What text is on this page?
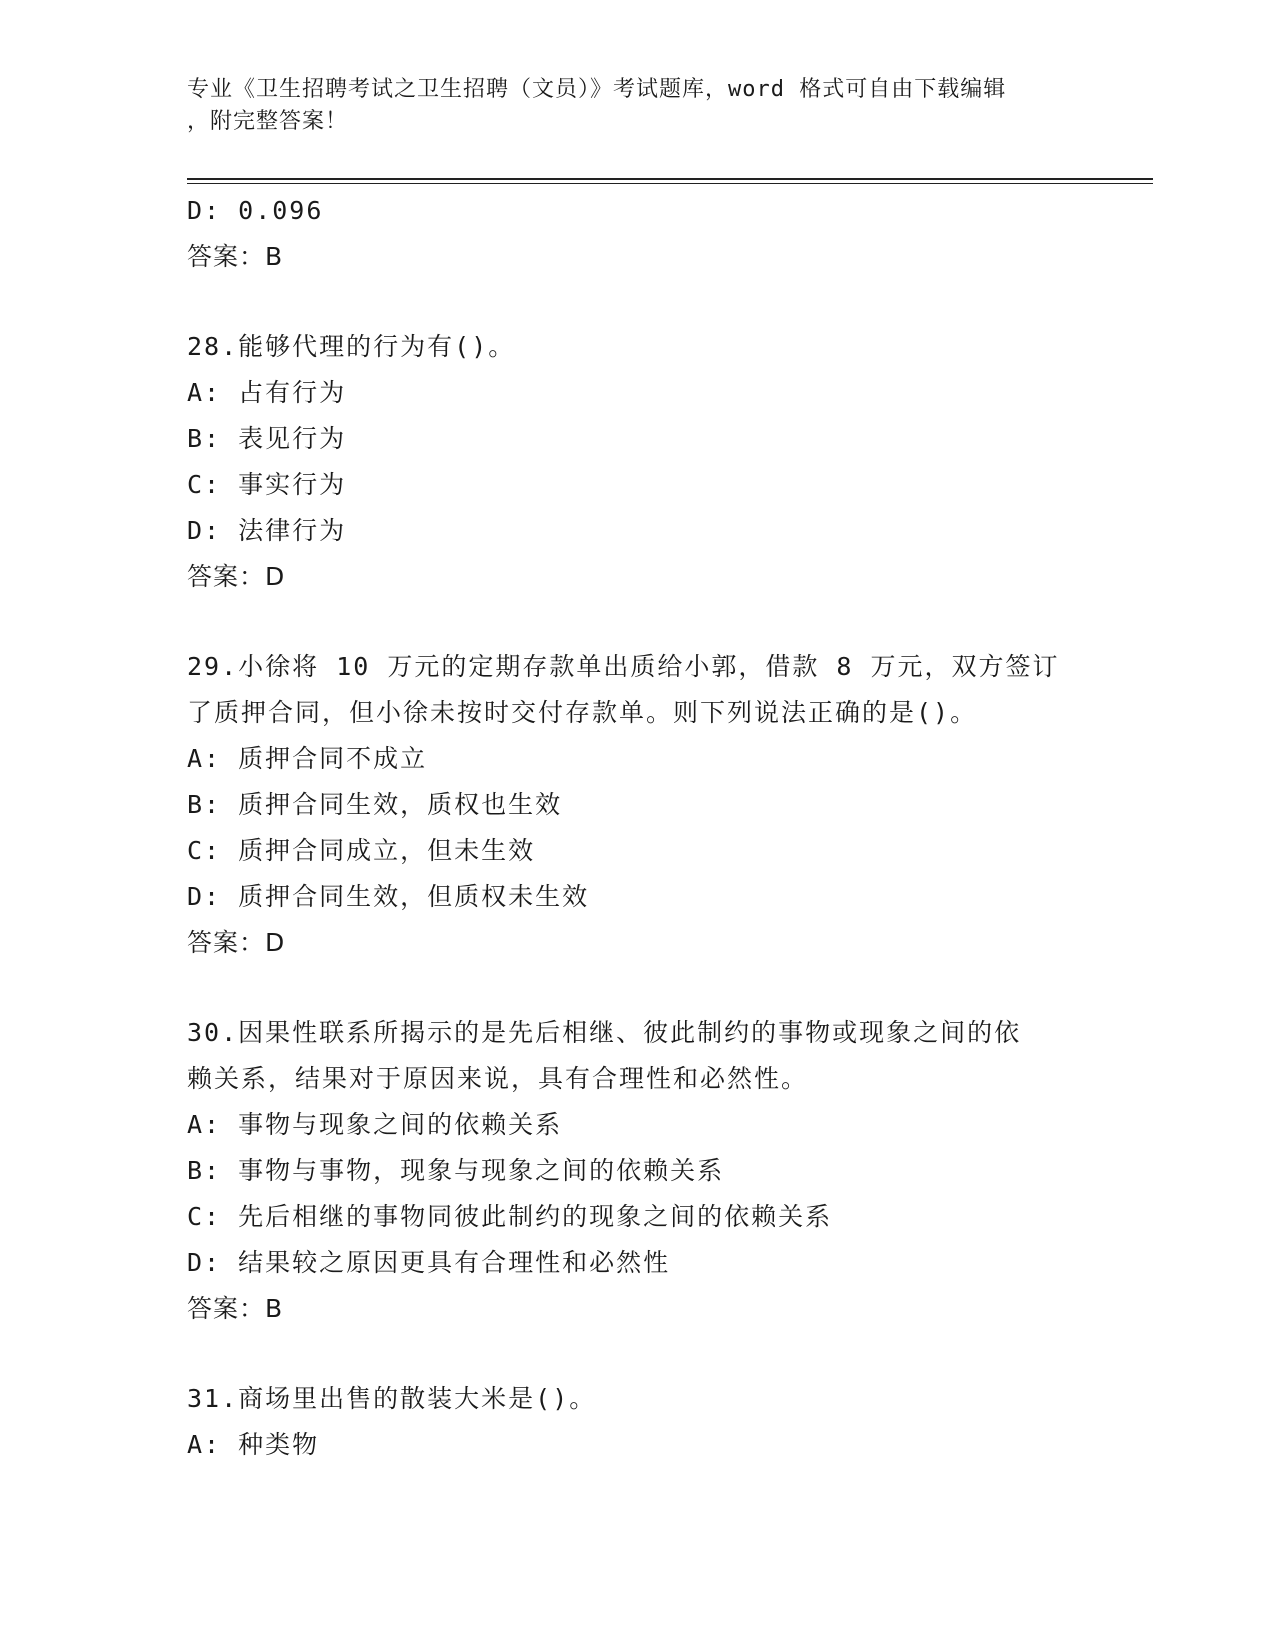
专业《卫生招聘考试之卫生招聘（文员）》考试题库，word 格式可自由下载编辑
，附完整答案！
D: 0.096
答案：B
28.能够代理的行为有()。
A: 占有行为
B: 表见行为
C: 事实行为
D: 法律行为
答案：D
29.小徐将 10 万元的定期存款单出质给小郭，借款 8 万元，双方签订
了质押合同，但小徐未按时交付存款单。则下列说法正确的是()。
A: 质押合同不成立
B: 质押合同生效，质权也生效
C: 质押合同成立，但未生效
D: 质押合同生效，但质权未生效
答案：D
30.因果性联系所揭示的是先后相继、彼此制约的事物或现象之间的依
赖关系，结果对于原因来说，具有合理性和必然性。
A: 事物与现象之间的依赖关系
B: 事物与事物，现象与现象之间的依赖关系
C: 先后相继的事物同彼此制约的现象之间的依赖关系
D: 结果较之原因更具有合理性和必然性
答案：B
31.商场里出售的散装大米是()。
A: 种类物
